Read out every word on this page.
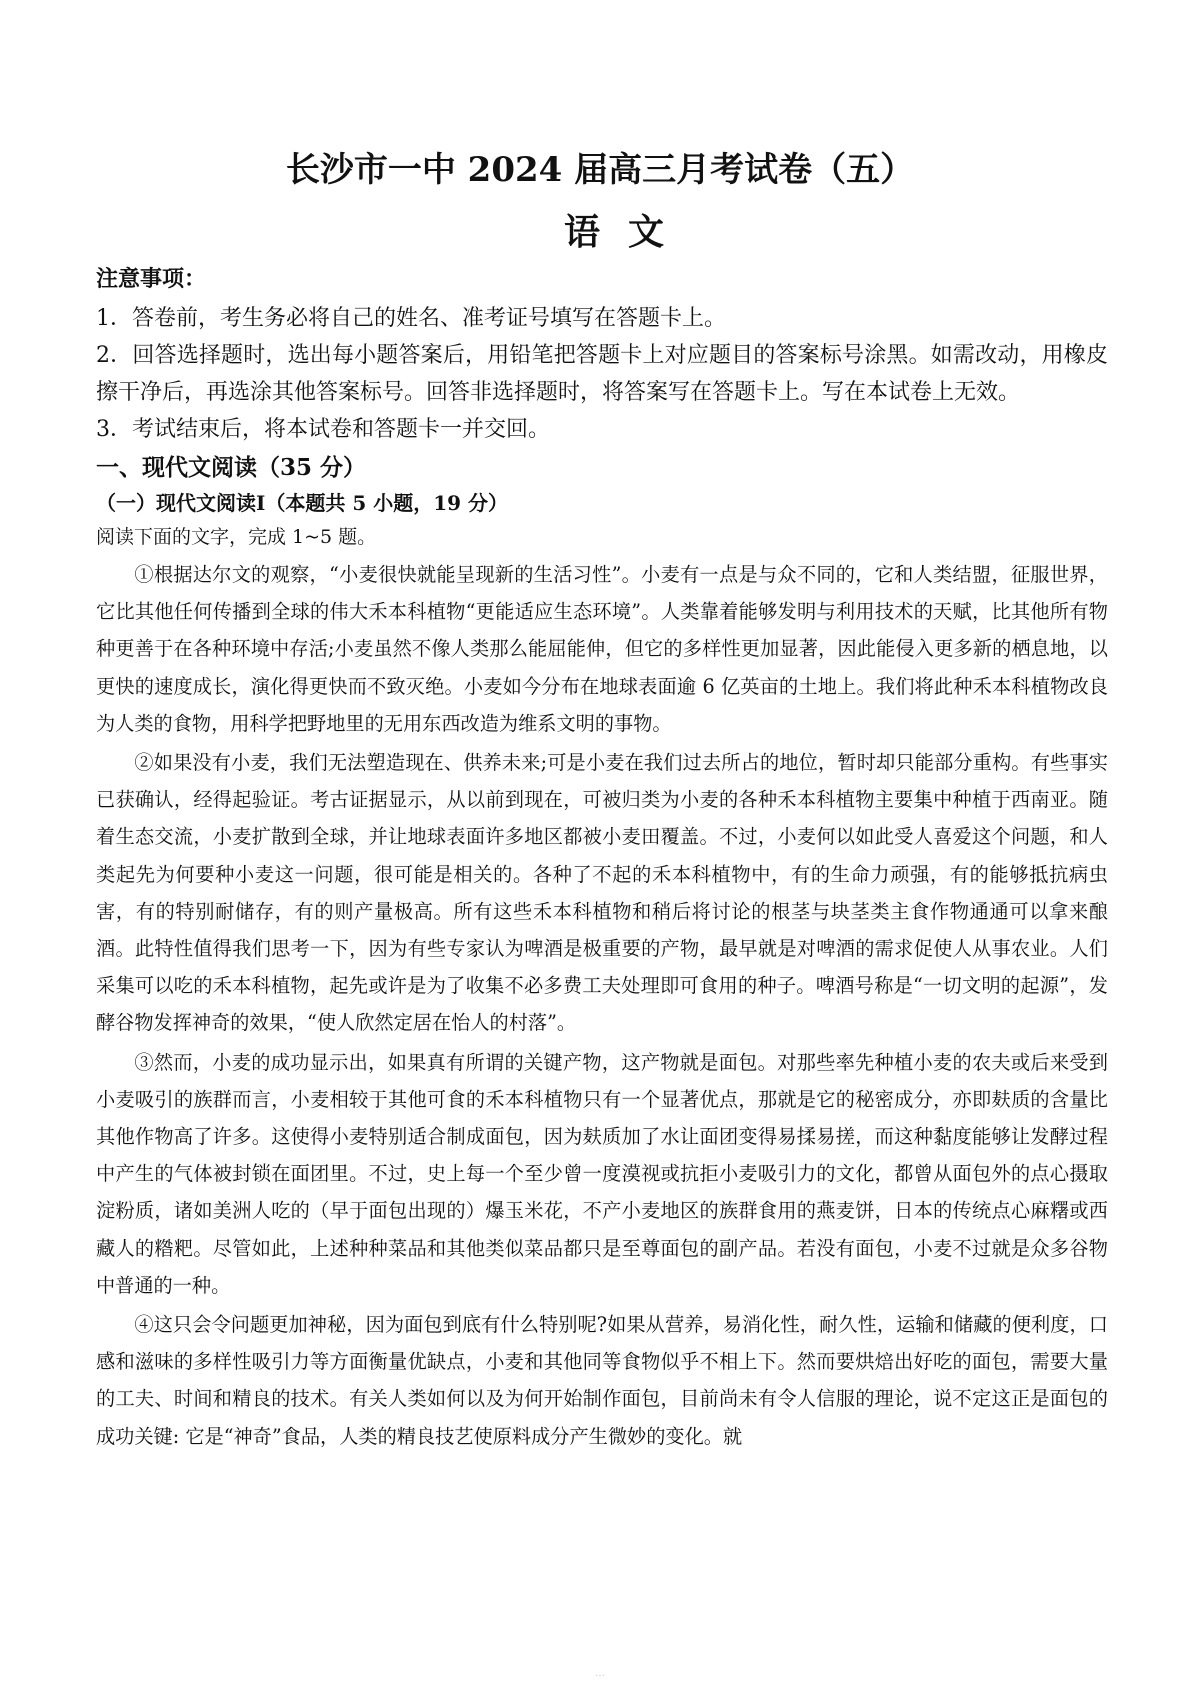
长沙市一中 2024 届高三月考试卷（五）
语文

注意事项：

1．答卷前，考生务必将自己的姓名、准考证号填写在答题卡上。

2．回答选择题时，选出每小题答案后，用铅笔把答题卡上对应题目的答案标号涂黑。如需改动，用橡皮擦干净后，再选涂其他答案标号。回答非选择题时，将答案写在答题卡上。写在本试卷上无效。

3．考试结束后，将本试卷和答题卡一并交回。

一、现代文阅读（35 分）

（一）现代文阅读Ⅰ（本题共 5 小题，19 分）

阅读下面的文字，完成 1~5 题。

①根据达尔文的观察，“小麦很快就能呈现新的生活习性”。小麦有一点是与众不同的，它和人类结盟，征服世界，它比其他任何传播到全球的伟大禾本科植物“更能适应生态环境”。人类靠着能够发明与利用技术的天赋，比其他所有物种更善于在各种环境中存活;小麦虽然不像人类那么能屈能伸，但它的多样性更加显著，因此能侵入更多新的栖息地，以更快的速度成长，演化得更快而不致灭绝。小麦如今分布在地球表面逾 6 亿英亩的土地上。我们将此种禾本科植物改良为人类的食物，用科学把野地里的无用东西改造为维系文明的事物。

②如果没有小麦，我们无法塑造现在、供养未来;可是小麦在我们过去所占的地位，暂时却只能部分重构。有些事实已获确认，经得起验证。考古证据显示，从以前到现在，可被归类为小麦的各种禾本科植物主要集中种植于西南亚。随着生态交流，小麦扩散到全球，并让地球表面许多地区都被小麦田覆盖。不过，小麦何以如此受人喜爱这个问题，和人类起先为何要种小麦这一问题，很可能是相关的。各种了不起的禾本科植物中，有的生命力顽强，有的能够抵抗病虫害，有的特别耐储存，有的则产量极高。所有这些禾本科植物和稍后将讨论的根茎与块茎类主食作物通通可以拿来酿酒。此特性值得我们思考一下，因为有些专家认为啤酒是极重要的产物，最早就是对啤酒的需求促使人从事农业。人们采集可以吃的禾本科植物，起先或许是为了收集不必多费工夫处理即可食用的种子。啤酒号称是“一切文明的起源”，发酵谷物发挥神奇的效果，“使人欣然定居在怡人的村落”。

③然而，小麦的成功显示出，如果真有所谓的关键产物，这产物就是面包。对那些率先种植小麦的农夫或后来受到小麦吸引的族群而言，小麦相较于其他可食的禾本科植物只有一个显著优点，那就是它的秘密成分，亦即麸质的含量比其他作物高了许多。这使得小麦特别适合制成面包，因为麸质加了水让面团变得易揉易搓，而这种黏度能够让发酵过程中产生的气体被封锁在面团里。不过，史上每一个至少曾一度漠视或抗拒小麦吸引力的文化，都曾从面包外的点心摄取淀粉质，诸如美洲人吃的（早于面包出现的）爆玉米花，不产小麦地区的族群食用的燕麦饼，日本的传统点心麻糬或西藏人的糌粑。尽管如此，上述种种菜品和其他类似菜品都只是至尊面包的副产品。若没有面包，小麦不过就是众多谷物中普通的一种。

④这只会令问题更加神秘，因为面包到底有什么特别呢?如果从营养，易消化性，耐久性，运输和储藏的便利度，口感和滋味的多样性吸引力等方面衡量优缺点，小麦和其他同等食物似乎不相上下。然而要烘焙出好吃的面包，需要大量的工夫、时间和精良的技术。有关人类如何以及为何开始制作面包，目前尚未有令人信服的理论，说不定这正是面包的成功关键: 它是“神奇”食品，人类的精良技艺使原料成分产生微妙的变化。就

…
